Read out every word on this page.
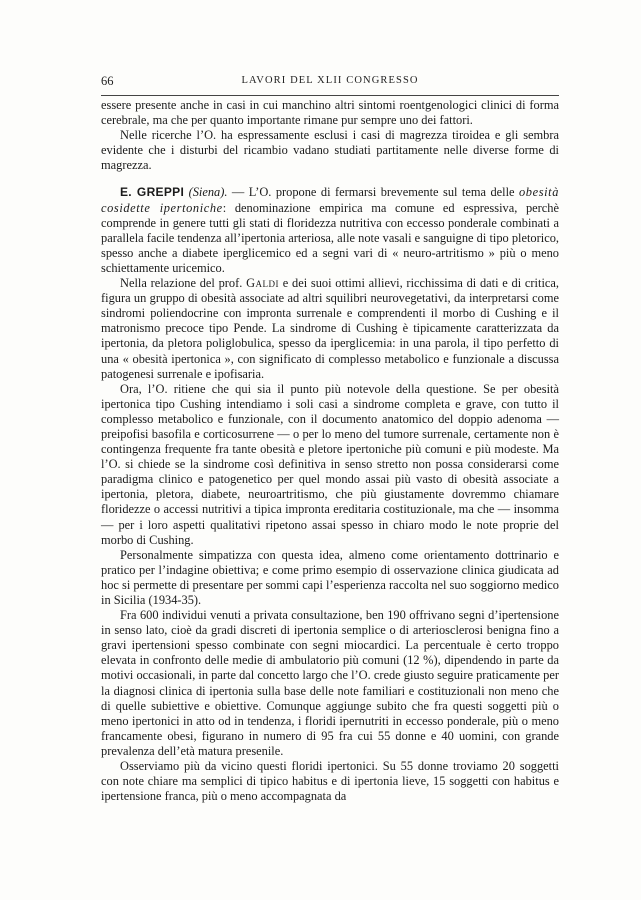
66	LAVORI DEL XLII CONGRESSO

essere presente anche in casi in cui manchino altri sintomi roentgenologici clinici di forma cerebrale, ma che per quanto importante rimane pur sempre uno dei fattori.

Nelle ricerche l’O. ha espressamente esclusi i casi di magrezza tiroidea e gli sembra evidente che i disturbi del ricambio vadano studiati partitamente nelle diverse forme di magrezza.

E. GREPPI (Siena). — L’O. propone di fermarsi brevemente sul tema delle obesità cosidette ipertoniche: denominazione empirica ma comune ed espressiva, perchè comprende in genere tutti gli stati di floridezza nutritiva con eccesso ponderale combinati a parallela facile tendenza all’ipertonia arteriosa, alle note vasali e sanguigne di tipo pletorico, spesso anche a diabete iperglicemico ed a segni vari di « neuro-artritismo » più o meno schiettamente uricemico.

Nella relazione del prof. Galdi e dei suoi ottimi allievi, ricchissima di dati e di critica, figura un gruppo di obesità associate ad altri squilibri neurovegetativi, da interpretarsi come sindromi poliendocrine con impronta surrenale e comprendenti il morbo di Cushing e il matronismo precoce tipo Pende. La sindrome di Cushing è tipicamente caratterizzata da ipertonia, da pletora poliglobulica, spesso da iperglicemia: in una parola, il tipo perfetto di una « obesità ipertonica », con significato di complesso metabolico e funzionale a discussa patogenesi surrenale e ipofisaria.

Ora, l’O. ritiene che qui sia il punto più notevole della questione. Se per obesità ipertonica tipo Cushing intendiamo i soli casi a sindrome completa e grave, con tutto il complesso metabolico e funzionale, con il documento anatomico del doppio adenoma — preipofisi basofila e corticosurrene — o per lo meno del tumore surrenale, certamente non è contingenza frequente fra tante obesità e pletore ipertoniche più comuni e più modeste. Ma l’O. si chiede se la sindrome così definitiva in senso stretto non possa considerarsi come paradigma clinico e patogenetico per quel mondo assai più vasto di obesità associate a ipertonia, pletora, diabete, neuroartritismo, che più giustamente dovremmo chiamare floridezze o accessi nutritivi a tipica impronta ereditaria costituzionale, ma che — insomma — per i loro aspetti qualitativi ripetono assai spesso in chiaro modo le note proprie del morbo di Cushing.

Personalmente simpatizza con questa idea, almeno come orientamento dottrinario e pratico per l’indagine obiettiva; e come primo esempio di osservazione clinica giudicata ad hoc si permette di presentare per sommi capi l’esperienza raccolta nel suo soggiorno medico in Sicilia (1934-35).

Fra 600 individui venuti a privata consultazione, ben 190 offrivano segni d’ipertensione in senso lato, cioè da gradi discreti di ipertonia semplice o di arteriosclerosi benigna fino a gravi ipertensioni spesso combinate con segni miocardici. La percentuale è certo troppo elevata in confronto delle medie di ambulatorio più comuni (12 %), dipendendo in parte da motivi occasionali, in parte dal concetto largo che l’O. crede giusto seguire praticamente per la diagnosi clinica di ipertonia sulla base delle note familiari e costituzionali non meno che di quelle subiettive e obiettive. Comunque aggiunge subito che fra questi soggetti più o meno ipertonici in atto od in tendenza, i floridi ipernutriti in eccesso ponderale, più o meno francamente obesi, figurano in numero di 95 fra cui 55 donne e 40 uomini, con grande prevalenza dell’età matura presenile.

Osserviamo più da vicino questi floridi ipertonici. Su 55 donne troviamo 20 soggetti con note chiare ma semplici di tipico habitus e di ipertonia lieve, 15 soggetti con habitus e ipertensione franca, più o meno accompagnata da
